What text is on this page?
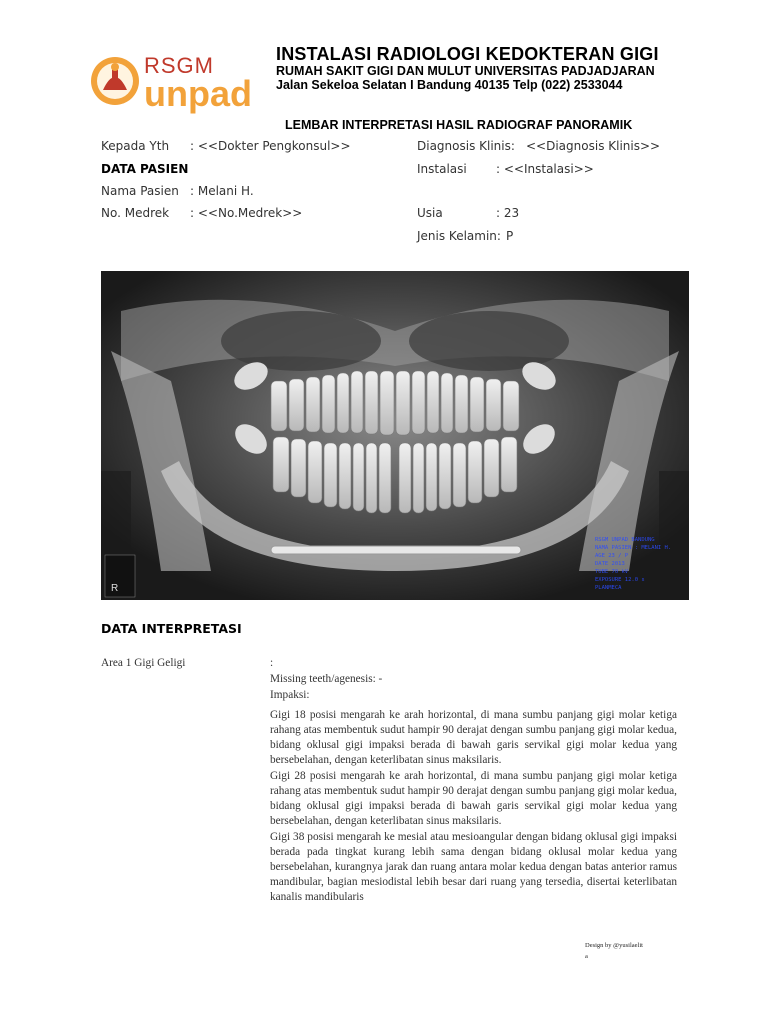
RSGM
unpad
INSTALASI RADIOLOGI KEDOKTERAN GIGI
RUMAH SAKIT GIGI DAN MULUT UNIVERSITAS PADJADJARAN
Jalan Sekeloa Selatan I Bandung 40135 Telp (022) 2533044
LEMBAR INTERPRETASI HASIL RADIOGRAF PANORAMIK
Kepada Yth : <<Dokter Pengkonsul>>	Diagnosis Klinis: <<Diagnosis Klinis>>
DATA PASIEN	Instalasi : <<Instalasi>>
Nama Pasien : Melani H.
No. Medrek : <<No.Medrek>>	Usia	: 23
Jenis Kelamin: P
R
RSGM UNPAD BANDUNG
NAMA PASIEN : MELANI H.
AGE 23 / P
DATE 2013
TUBE 70 kV
EXPOSURE 12.0 s
PLANMECA
DATA INTERPRETASI
Area 1 Gigi Geligi	:
Missing teeth/agenesis: -
Impaksi:
Gigi 18 posisi mengarah ke arah horizontal, di mana sumbu panjang gigi molar ketiga rahang atas membentuk sudut hampir 90 derajat dengan sumbu panjang gigi molar kedua, bidang oklusal gigi impaksi berada di bawah garis servikal gigi molar kedua yang bersebelahan, dengan keterlibatan sinus maksilaris.
Gigi 28 posisi mengarah ke arah horizontal, di mana sumbu panjang gigi molar ketiga rahang atas membentuk sudut hampir 90 derajat dengan sumbu panjang gigi molar kedua, bidang oklusal gigi impaksi berada di bawah garis servikal gigi molar kedua yang bersebelahan, dengan keterlibatan sinus maksilaris.
Gigi 38 posisi mengarah ke mesial atau mesioangular dengan bidang oklusal gigi impaksi berada pada tingkat kurang lebih sama dengan bidang oklusal molar kedua yang bersebelahan, kurangnya jarak dan ruang antara molar kedua dengan batas anterior ramus mandibular, bagian mesiodistal lebih besar dari ruang yang tersedia, disertai keterlibatan kanalis mandibularis
Design by @yusilaelit
a
